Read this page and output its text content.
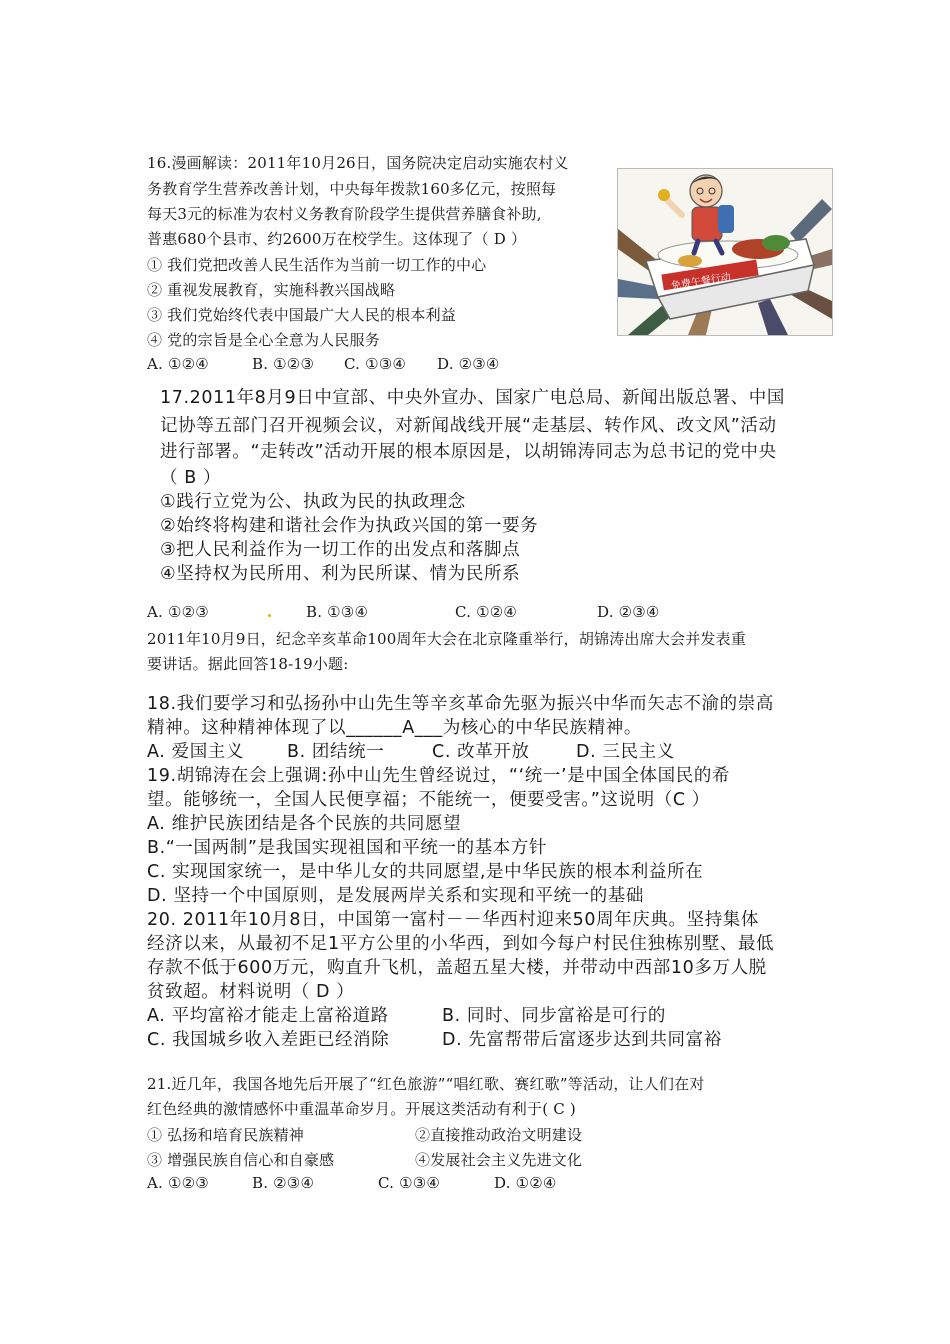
16.漫画解读：2011年10月26日，国务院决定启动实施农村义
务教育学生营养改善计划，中央每年拨款160多亿元，按照每
每天3元的标准为农村义务教育阶段学生提供营养膳食补助,
普惠680个县市、约2600万在校学生。这体现了（ D ）
① 我们党把改善人民生活作为当前一切工作的中心
② 重视发展教育，实施科教兴国战略
③ 我们党始终代表中国最广大人民的根本利益
④ 党的宗旨是全心全意为人民服务
A. ①②④	B. ①②③ C. ①③④ D. ②③④
免费午餐行动
17.2011年8月9日中宣部、中央外宣办、国家广电总局、新闻出版总署、中国
记协等五部门召开视频会议，对新闻战线开展“走基层、转作风、改文风”活动
进行部署。“走转改”活动开展的根本原因是，以胡锦涛同志为总书记的党中央
（ B ）
①践行立党为公、执政为民的执政理念
②始终将构建和谐社会作为执政兴国的第一要务
③把人民利益作为一切工作的出发点和落脚点
④坚持权为民所用、利为民所谋、情为民所系
A. ①②③	B. ①③④	C. ①②④	D. ②③④
2011年10月9日，纪念辛亥革命100周年大会在北京隆重举行，胡锦涛出席大会并发表重
要讲话。据此回答18-19小题:
18.我们要学习和弘扬孙中山先生等辛亥革命先驱为振兴中华而矢志不渝的崇高
精神。这种精神体现了以______A___为核心的中华民族精神。
A. 爱国主义 B. 团结统一	C. 改革开放	D. 三民主义
19.胡锦涛在会上强调:孙中山先生曾经说过，“‘统一’是中国全体国民的希
望。能够统一，全国人民便享福；不能统一，便要受害。”这说明（C ）
A. 维护民族团结是各个民族的共同愿望
B.“一国两制”是我国实现祖国和平统一的基本方针
C. 实现国家统一，是中华儿女的共同愿望,是中华民族的根本利益所在
D. 坚持一个中国原则，是发展两岸关系和实现和平统一的基础
20. 2011年10月8日，中国第一富村－－华西村迎来50周年庆典。坚持集体
经济以来，从最初不足1平方公里的小华西，到如今每户村民住独栋别墅、最低
存款不低于600万元，购直升飞机，盖超五星大楼，并带动中西部10多万人脱
贫致超。材料说明（ D ）
A. 平均富裕才能走上富裕道路	B. 同时、同步富裕是可行的
C. 我国城乡收入差距已经消除	D. 先富帮带后富逐步达到共同富裕
21.近几年，我国各地先后开展了“红色旅游”“唱红歌、赛红歌”等活动，让人们在对
红色经典的激情感怀中重温革命岁月。开展这类活动有利于( C )
① 弘扬和培育民族精神	②直接推动政治文明建设
③ 增强民族自信心和自豪感	④发展社会主义先进文化
A. ①②③	B. ②③④	C. ①③④	D. ①②④
